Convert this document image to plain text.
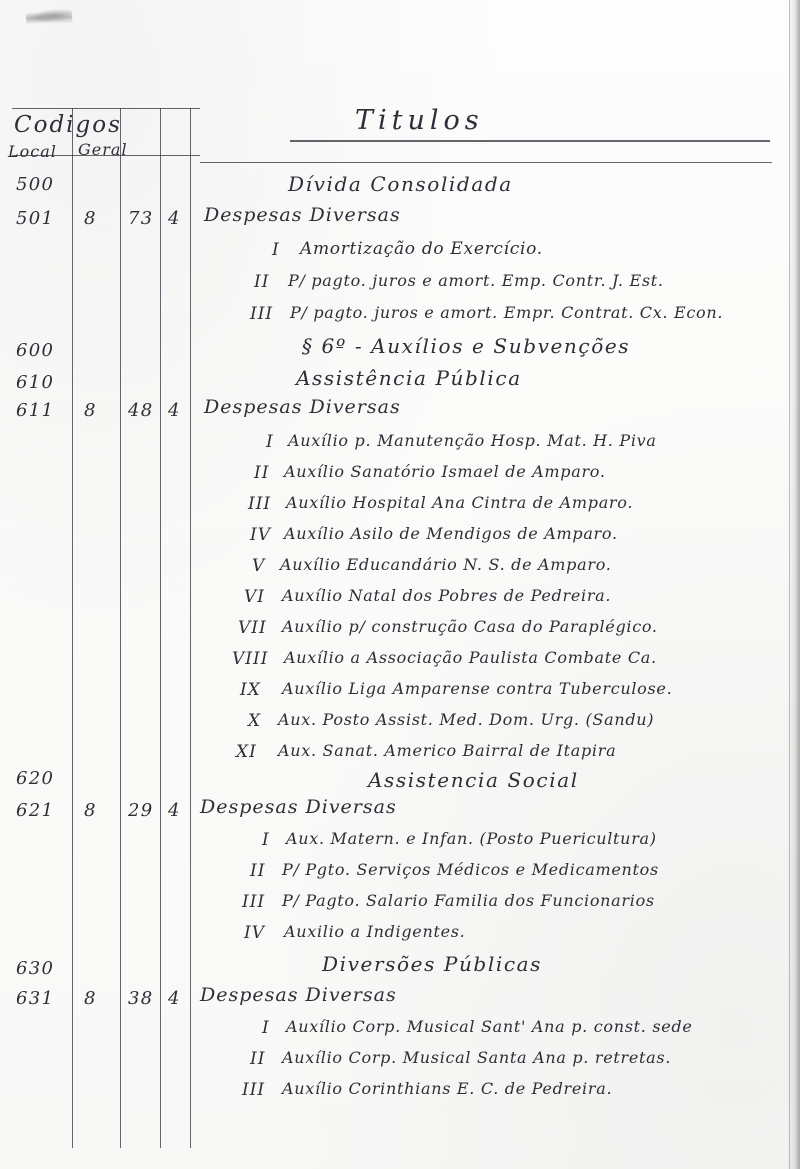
Codigos
Local Geral
Titulos
500	Dívida Consolidada
501 8 73 4 Despesas Diversas
I Amortização do Exercício.
II P/ pagto. juros e amort. Emp. Contr. J. Est.
III P/ pagto. juros e amort. Empr. Contrat. Cx. Econ.
600	§ 6º - Auxílios e Subvenções
610	Assistência Pública
611 8 48 4 Despesas Diversas
I Auxílio p. Manutenção Hosp. Mat. H. Piva
II Auxílio Sanatório Ismael de Amparo.
III Auxílio Hospital Ana Cintra de Amparo.
IV Auxílio Asilo de Mendigos de Amparo.
V Auxílio Educandário N. S. de Amparo.
VI Auxílio Natal dos Pobres de Pedreira.
VII Auxílio p/ construção Casa do Paraplégico.
VIII Auxílio a Associação Paulista Combate Ca.
IX Auxílio Liga Amparense contra Tuberculose.
X Aux. Posto Assist. Med. Dom. Urg. (Sandu)
XI Aux. Sanat. Americo Bairral de Itapira
620	Assistencia Social
621 8 29 4 Despesas Diversas
I Aux. Matern. e Infan. (Posto Puericultura)
II P/ Pgto. Serviços Médicos e Medicamentos
III P/ Pagto. Salario Familia dos Funcionarios
IV Auxilio a Indigentes.
630	Diversões Públicas
631 8 38 4 Despesas Diversas
I Auxílio Corp. Musical Sant' Ana p. const. sede
II Auxílio Corp. Musical Santa Ana p. retretas.
III Auxílio Corinthians E. C. de Pedreira.
